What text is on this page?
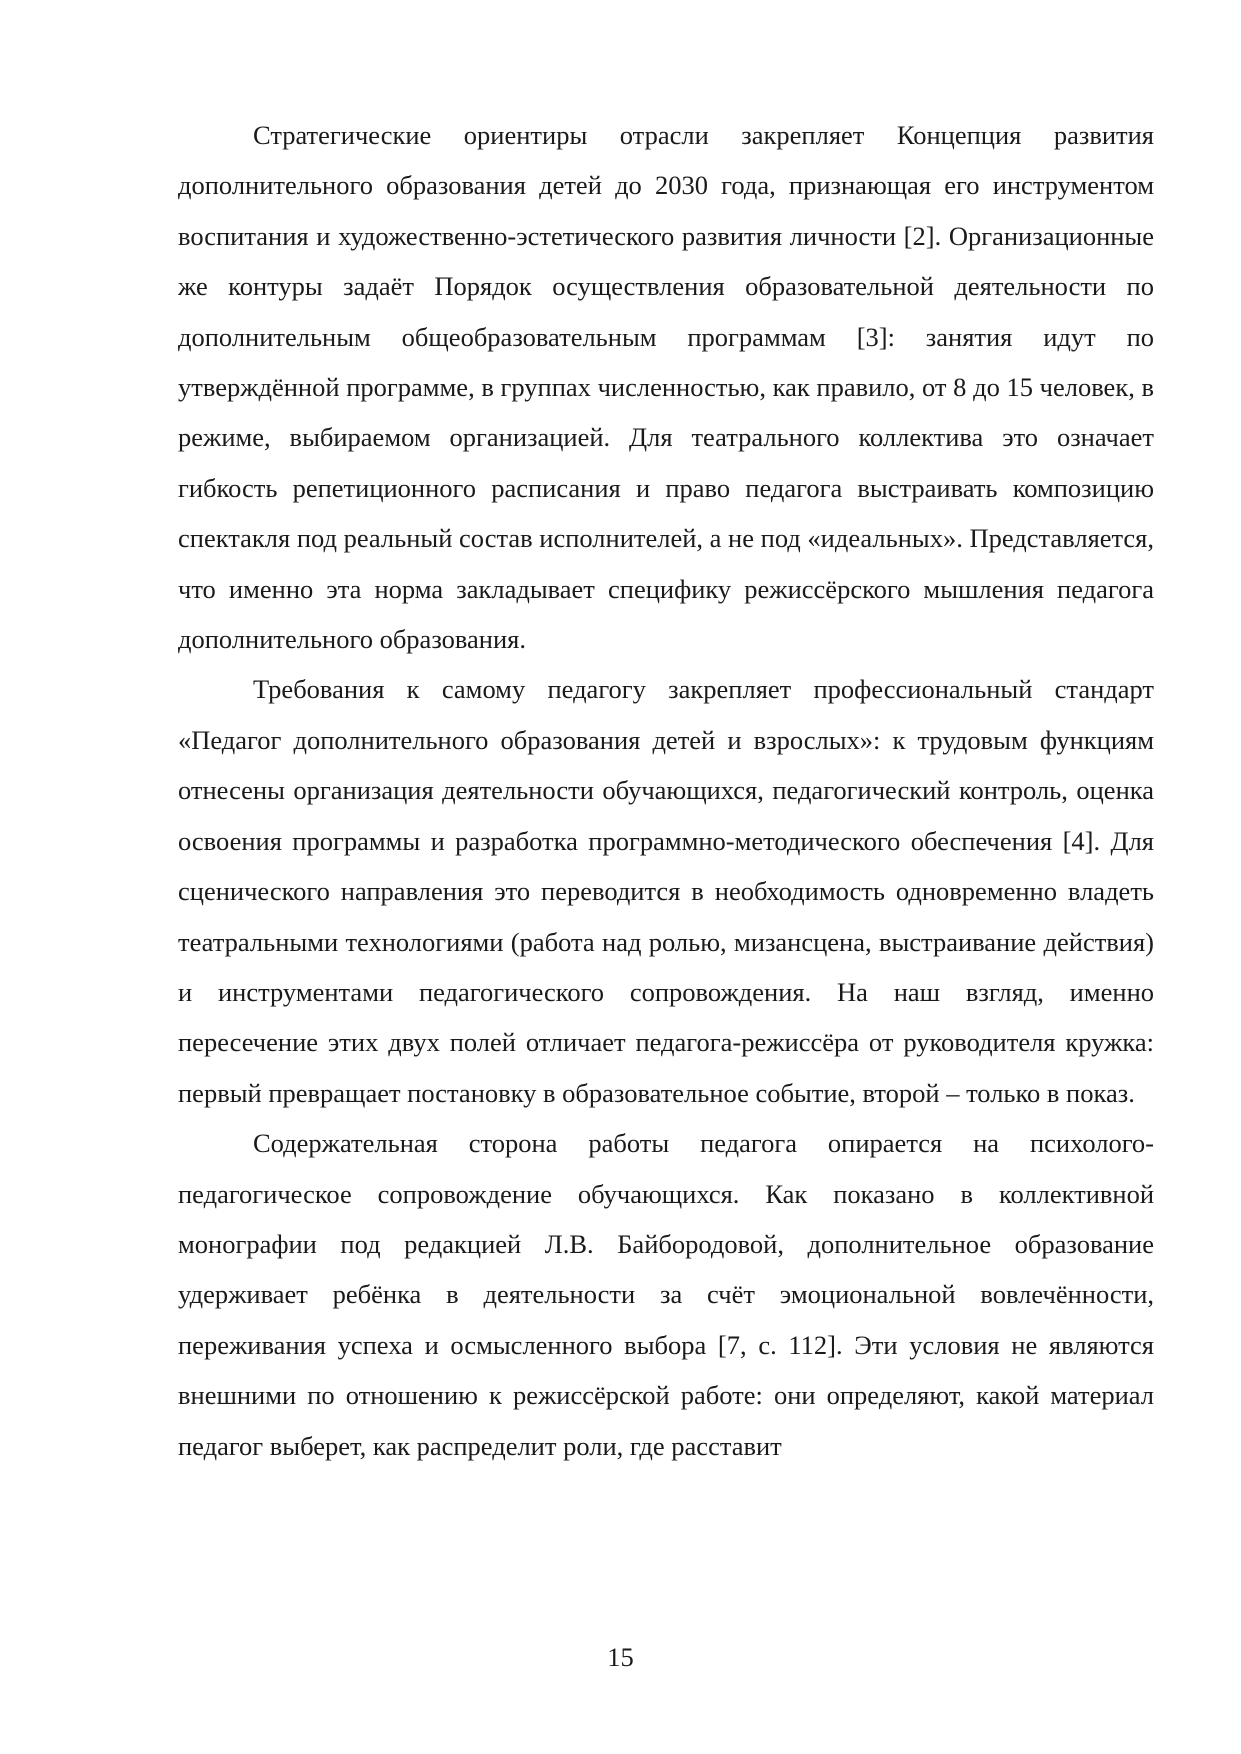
Стратегические ориентиры отрасли закрепляет Концепция развития дополнительного образования детей до 2030 года, признающая его инструментом воспитания и художественно-эстетического развития личности [2]. Организационные же контуры задаёт Порядок осуществления образовательной деятельности по дополнительным общеобразовательным программам [3]: занятия идут по утверждённой программе, в группах численностью, как правило, от 8 до 15 человек, в режиме, выбираемом организацией. Для театрального коллектива это означает гибкость репетиционного расписания и право педагога выстраивать композицию спектакля под реальный состав исполнителей, а не под «идеальных». Представляется, что именно эта норма закладывает специфику режиссёрского мышления педагога дополнительного образования.

Требования к самому педагогу закрепляет профессиональный стандарт «Педагог дополнительного образования детей и взрослых»: к трудовым функциям отнесены организация деятельности обучающихся, педагогический контроль, оценка освоения программы и разработка программно-методического обеспечения [4]. Для сценического направления это переводится в необходимость одновременно владеть театральными технологиями (работа над ролью, мизансцена, выстраивание действия) и инструментами педагогического сопровождения. На наш взгляд, именно пересечение этих двух полей отличает педагога-режиссёра от руководителя кружка: первый превращает постановку в образовательное событие, второй – только в показ.

Содержательная сторона работы педагога опирается на психолого-педагогическое сопровождение обучающихся. Как показано в коллективной монографии под редакцией Л.В. Байбородовой, дополнительное образование удерживает ребёнка в деятельности за счёт эмоциональной вовлечённости, переживания успеха и осмысленного выбора [7, с. 112]. Эти условия не являются внешними по отношению к режиссёрской работе: они определяют, какой материал педагог выберет, как распределит роли, где расставит

15
